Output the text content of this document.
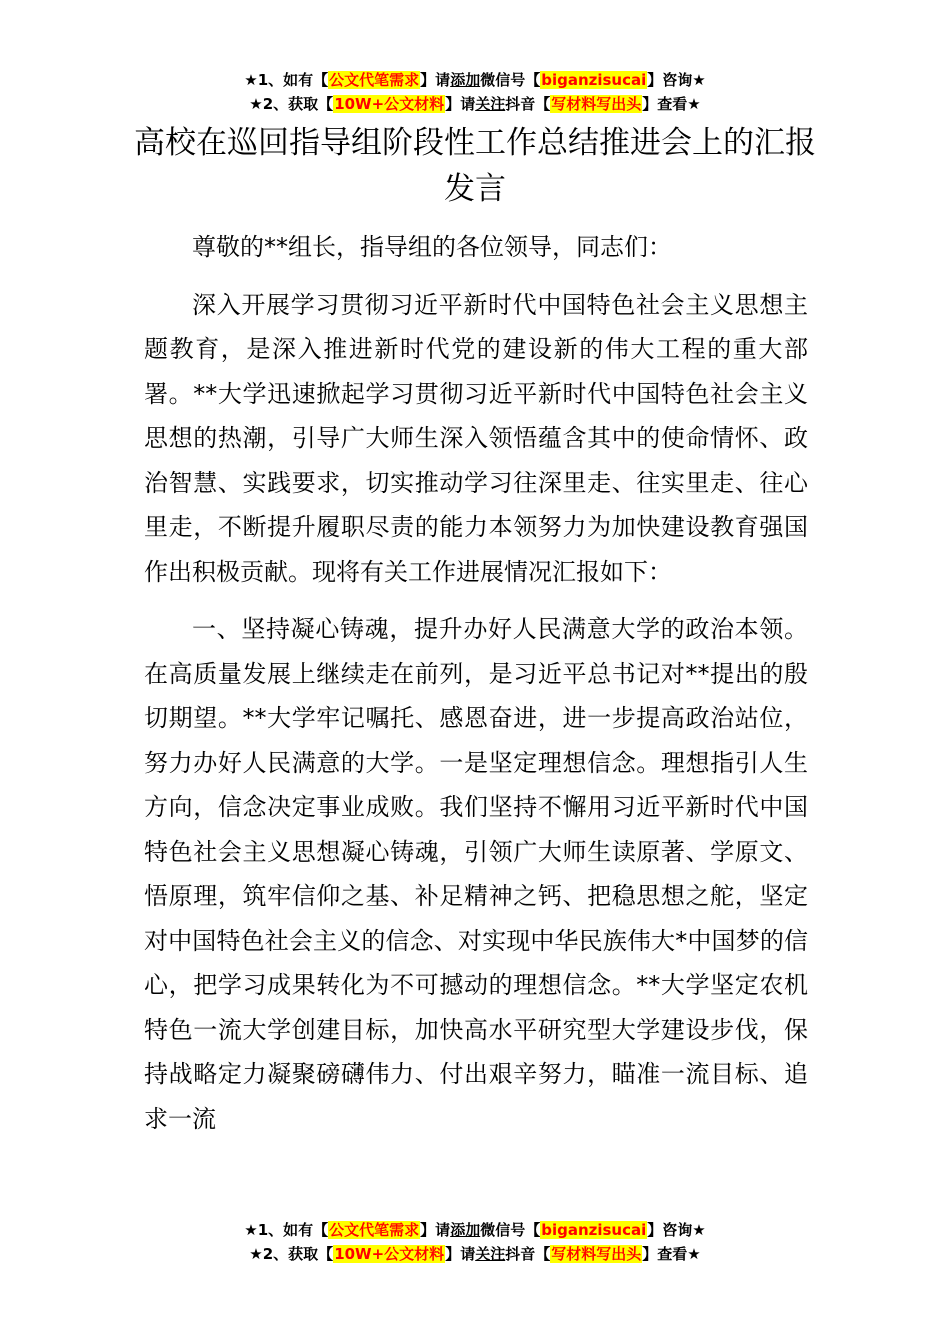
★1、如有【公文代笔需求】请添加微信号【biganzisucai】咨询★
★2、获取【10W+公文材料】请关注抖音【写材料写出头】查看★
高校在巡回指导组阶段性工作总结推进会上的汇报发言

尊敬的**组长，指导组的各位领导，同志们：

深入开展学习贯彻习近平新时代中国特色社会主义思想主题教育，是深入推进新时代党的建设新的伟大工程的重大部署。**大学迅速掀起学习贯彻习近平新时代中国特色社会主义思想的热潮，引导广大师生深入领悟蕴含其中的使命情怀、政治智慧、实践要求，切实推动学习往深里走、往实里走、往心里走，不断提升履职尽责的能力本领努力为加快建设教育强国作出积极贡献。现将有关工作进展情况汇报如下：

一、坚持凝心铸魂，提升办好人民满意大学的政治本领。在高质量发展上继续走在前列，是习近平总书记对**提出的殷切期望。**大学牢记嘱托、感恩奋进，进一步提高政治站位，努力办好人民满意的大学。一是坚定理想信念。理想指引人生方向，信念决定事业成败。我们坚持不懈用习近平新时代中国特色社会主义思想凝心铸魂，引领广大师生读原著、学原文、悟原理，筑牢信仰之基、补足精神之钙、把稳思想之舵，坚定对中国特色社会主义的信念、对实现中华民族伟大*中国梦的信心，把学习成果转化为不可撼动的理想信念。**大学坚定农机特色一流大学创建目标，加快高水平研究型大学建设步伐，保持战略定力凝聚磅礴伟力、付出艰辛努力，瞄准一流目标、追求一流

★1、如有【公文代笔需求】请添加微信号【biganzisucai】咨询★
★2、获取【10W+公文材料】请关注抖音【写材料写出头】查看★
